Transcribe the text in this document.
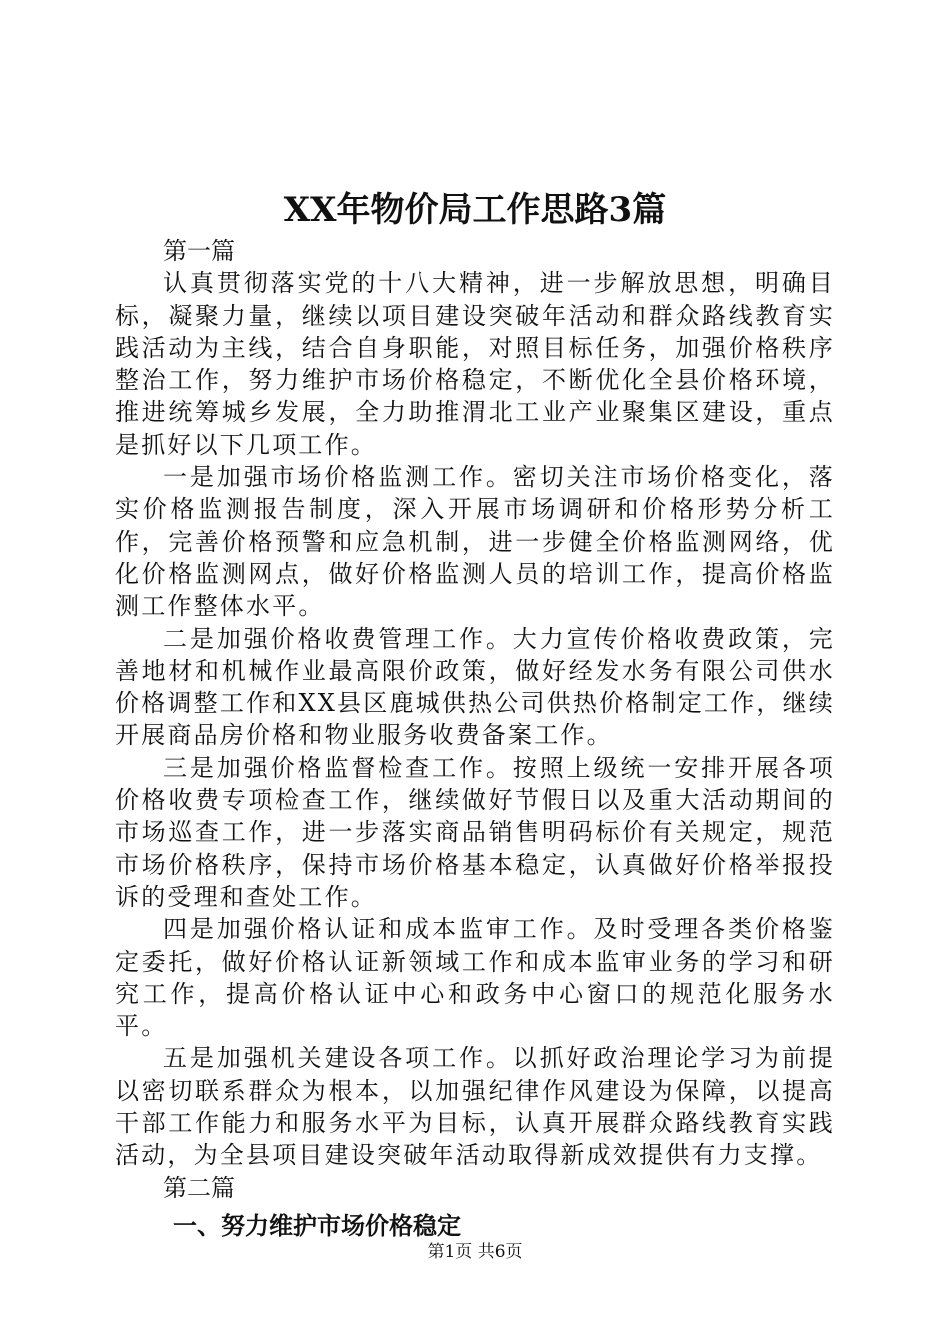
XX年物价局工作思路3篇

第一篇

认真贯彻落实党的十八大精神，进一步解放思想，明确目标，凝聚力量，继续以项目建设突破年活动和群众路线教育实践活动为主线，结合自身职能，对照目标任务，加强价格秩序整治工作，努力维护市场价格稳定，不断优化全县价格环境，推进统筹城乡发展，全力助推渭北工业产业聚集区建设，重点是抓好以下几项工作。

一是加强市场价格监测工作。密切关注市场价格变化，落实价格监测报告制度，深入开展市场调研和价格形势分析工作，完善价格预警和应急机制，进一步健全价格监测网络，优化价格监测网点，做好价格监测人员的培训工作，提高价格监测工作整体水平。

二是加强价格收费管理工作。大力宣传价格收费政策，完善地材和机械作业最高限价政策，做好经发水务有限公司供水价格调整工作和XX县区鹿城供热公司供热价格制定工作，继续开展商品房价格和物业服务收费备案工作。

三是加强价格监督检查工作。按照上级统一安排开展各项价格收费专项检查工作，继续做好节假日以及重大活动期间的市场巡查工作，进一步落实商品销售明码标价有关规定，规范市场价格秩序，保持市场价格基本稳定，认真做好价格举报投诉的受理和查处工作。

四是加强价格认证和成本监审工作。及时受理各类价格鉴定委托，做好价格认证新领域工作和成本监审业务的学习和研究工作，提高价格认证中心和政务中心窗口的规范化服务水平。

五是加强机关建设各项工作。以抓好政治理论学习为前提以密切联系群众为根本，以加强纪律作风建设为保障，以提高干部工作能力和服务水平为目标，认真开展群众路线教育实践活动，为全县项目建设突破年活动取得新成效提供有力支撑。

第二篇

一、努力维护市场价格稳定

第1页 共6页
